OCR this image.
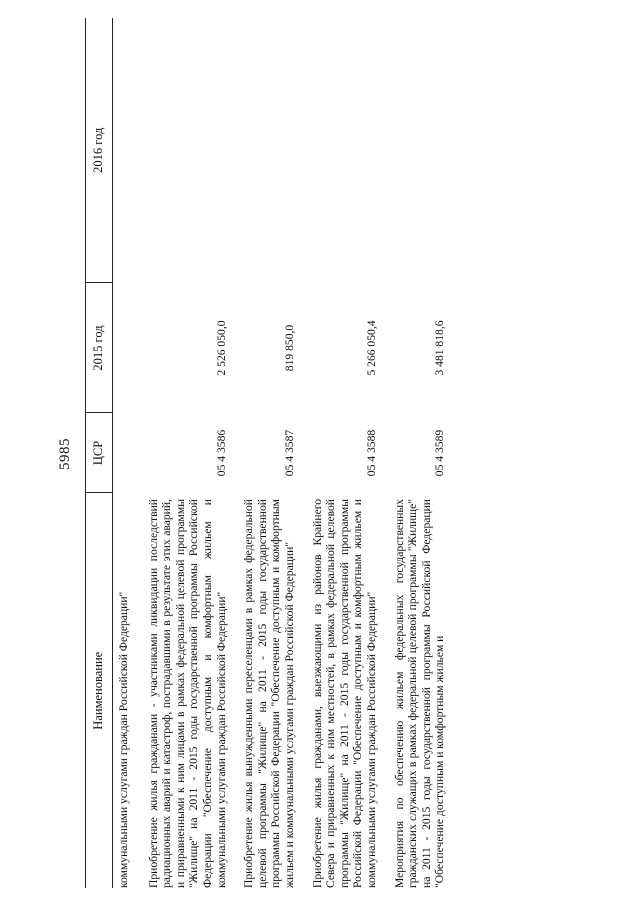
5985
Наименование	ЦСР	2015 год	2016 год
коммунальными услугами граждан Российской Федерации"			
Приобретение жилья гражданами - участниками ликвидации последствий радиационных аварий и катастроф, пострадавшими в результате этих аварий, и приравненными к ним лицами в рамках федеральной целевой программы "Жилище" на 2011 - 2015 годы государственной программы Российской Федерации "Обеспечение доступным и комфортным жильем и коммунальными услугами граждан Российской Федерации"	05 4 3586	2 526 050,0	
Приобретение жилья вынужденными переселенцами в рамках федеральной целевой программы "Жилище" на 2011 - 2015 годы государственной программы Российской Федерации "Обеспечение доступным и комфортным жильем и коммунальными услугами граждан Российской Федерации"	05 4 3587	819 850,0	
Приобретение жилья гражданами, выезжающими из районов Крайнего Севера и приравненных к ним местностей, в рамках федеральной целевой программы "Жилище" на 2011 - 2015 годы государственной программы Российской Федерации "Обеспечение доступным и комфортным жильем и коммунальными услугами граждан Российской Федерации"	05 4 3588	5 266 050,4	
Мероприятия по обеспечению жильем федеральных государственных гражданских служащих в рамках федеральной целевой программы "Жилище" на 2011 - 2015 годы государственной программы Российской Федерации "Обеспечение доступным и комфортным жильем и	05 4 3589	3 481 818,6	
